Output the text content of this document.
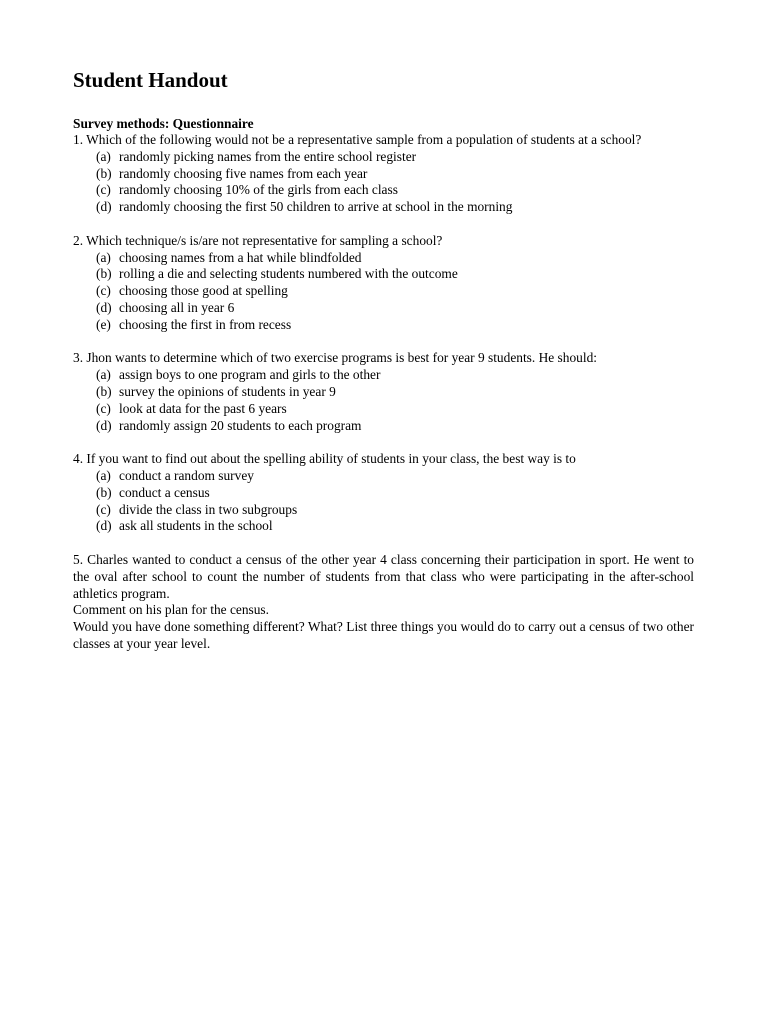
Student Handout

Survey methods: Questionnaire

1. Which of the following would not be a representative sample from a population of students at a school?

(a) randomly picking names from the entire school register
(b) randomly choosing five names from each year
(c) randomly choosing 10% of the girls from each class
(d) randomly choosing the first 50 children to arrive at school in the morning

2. Which technique/s is/are not representative for sampling a school?

(a) choosing names from a hat while blindfolded
(b) rolling a die and selecting students numbered with the outcome
(c) choosing those good at spelling
(d) choosing all in year 6
(e) choosing the first in from recess

3. Jhon wants to determine which of two exercise programs is best for year 9 students. He should:

(a) assign boys to one program and girls to the other
(b) survey the opinions of students in year 9
(c) look at data for the past 6 years
(d) randomly assign 20 students to each program

4. If you want to find out about the spelling ability of students in your class, the best way is to

(a) conduct a random survey
(b) conduct a census
(c) divide the class in two subgroups
(d) ask all students in the school

5. Charles wanted to conduct a census of the other year 4 class concerning their participation in sport. He went to the oval after school to count the number of students from that class who were participating in the after-school athletics program.

Comment on his plan for the census.

Would you have done something different? What? List three things you would do to carry out a census of two other classes at your year level.
